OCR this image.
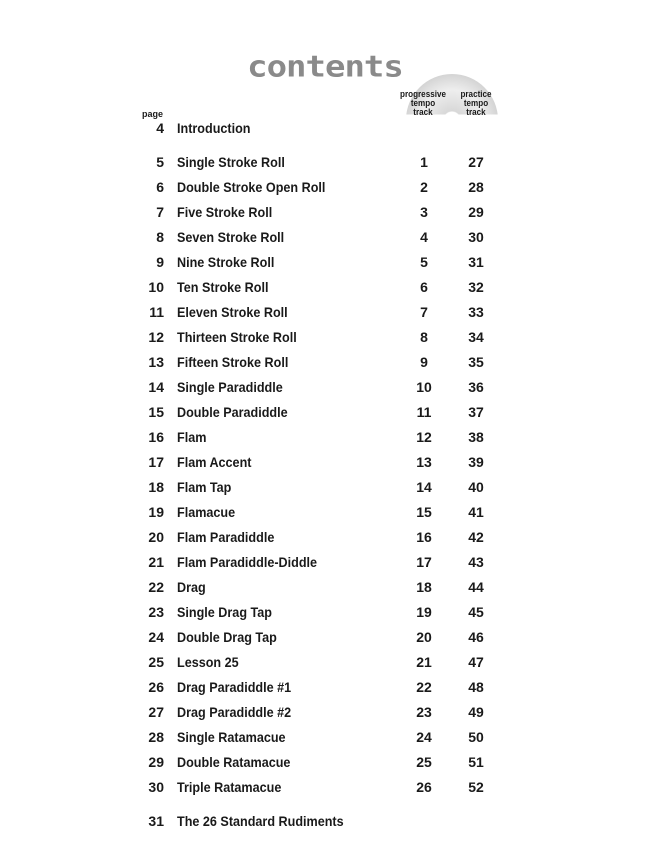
contents
progressive
tempo
track
practice
tempo
track
page
4 Introduction
5 Single Stroke Roll	1	27
6 Double Stroke Open Roll	2	28
7 Five Stroke Roll	3	29
8 Seven Stroke Roll	4	30
9 Nine Stroke Roll	5	31
10 Ten Stroke Roll	6	32
11 Eleven Stroke Roll	7	33
12 Thirteen Stroke Roll	8	34
13 Fifteen Stroke Roll	9	35
14 Single Paradiddle	10	36
15 Double Paradiddle	11	37
16 Flam	12	38
17 Flam Accent	13	39
18 Flam Tap	14	40
19 Flamacue	15	41
20 Flam Paradiddle	16	42
21 Flam Paradiddle-Diddle	17	43
22 Drag	18	44
23 Single Drag Tap	19	45
24 Double Drag Tap	20	46
25 Lesson 25	21	47
26 Drag Paradiddle #1	22	48
27 Drag Paradiddle #2	23	49
28 Single Ratamacue	24	50
29 Double Ratamacue	25	51
30 Triple Ratamacue	26	52
31 The 26 Standard Rudiments
